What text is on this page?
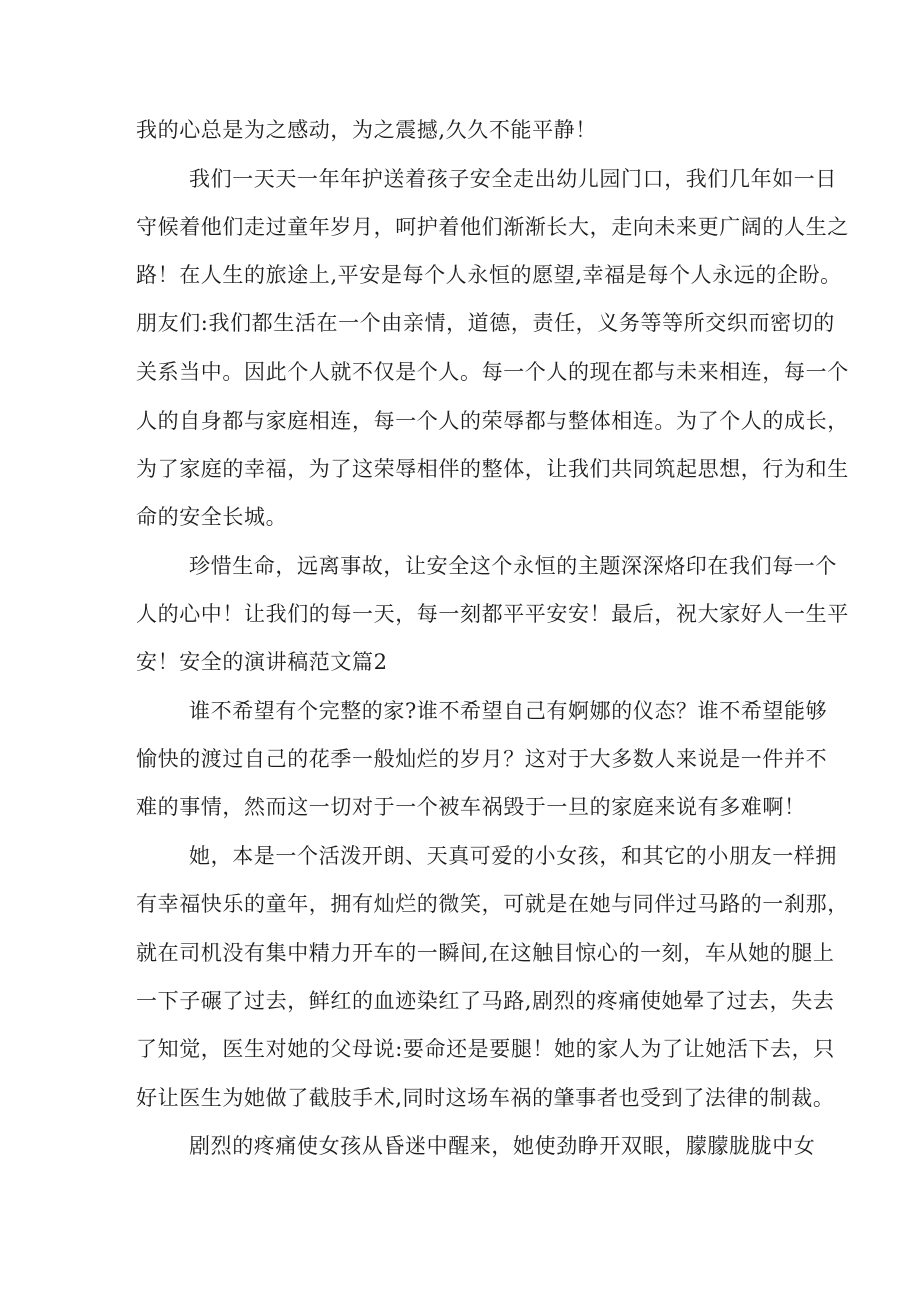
我的心总是为之感动，为之震撼,久久不能平静！
我们一天天一年年护送着孩子安全走出幼儿园门口，我们几年如一日
守候着他们走过童年岁月，呵护着他们渐渐长大，走向未来更广阔的人生之
路！在人生的旅途上,平安是每个人永恒的愿望,幸福是每个人永远的企盼。
朋友们:我们都生活在一个由亲情，道德，责任，义务等等所交织而密切的
关系当中。因此个人就不仅是个人。每一个人的现在都与未来相连，每一个
人的自身都与家庭相连，每一个人的荣辱都与整体相连。为了个人的成长，
为了家庭的幸福，为了这荣辱相伴的整体，让我们共同筑起思想，行为和生
命的安全长城。
珍惜生命，远离事故，让安全这个永恒的主题深深烙印在我们每一个
人的心中！让我们的每一天，每一刻都平平安安！最后，祝大家好人一生平
安！安全的演讲稿范文篇2
谁不希望有个完整的家?谁不希望自己有婀娜的仪态？谁不希望能够
愉快的渡过自己的花季一般灿烂的岁月？这对于大多数人来说是一件并不
难的事情，然而这一切对于一个被车祸毁于一旦的家庭来说有多难啊！
她，本是一个活泼开朗、天真可爱的小女孩，和其它的小朋友一样拥
有幸福快乐的童年，拥有灿烂的微笑，可就是在她与同伴过马路的一刹那，
就在司机没有集中精力开车的一瞬间,在这触目惊心的一刻，车从她的腿上
一下子碾了过去，鲜红的血迹染红了马路,剧烈的疼痛使她晕了过去，失去
了知觉，医生对她的父母说:要命还是要腿！她的家人为了让她活下去，只
好让医生为她做了截肢手术,同时这场车祸的肇事者也受到了法律的制裁。
剧烈的疼痛使女孩从昏迷中醒来，她使劲睁开双眼，朦朦胧胧中女
